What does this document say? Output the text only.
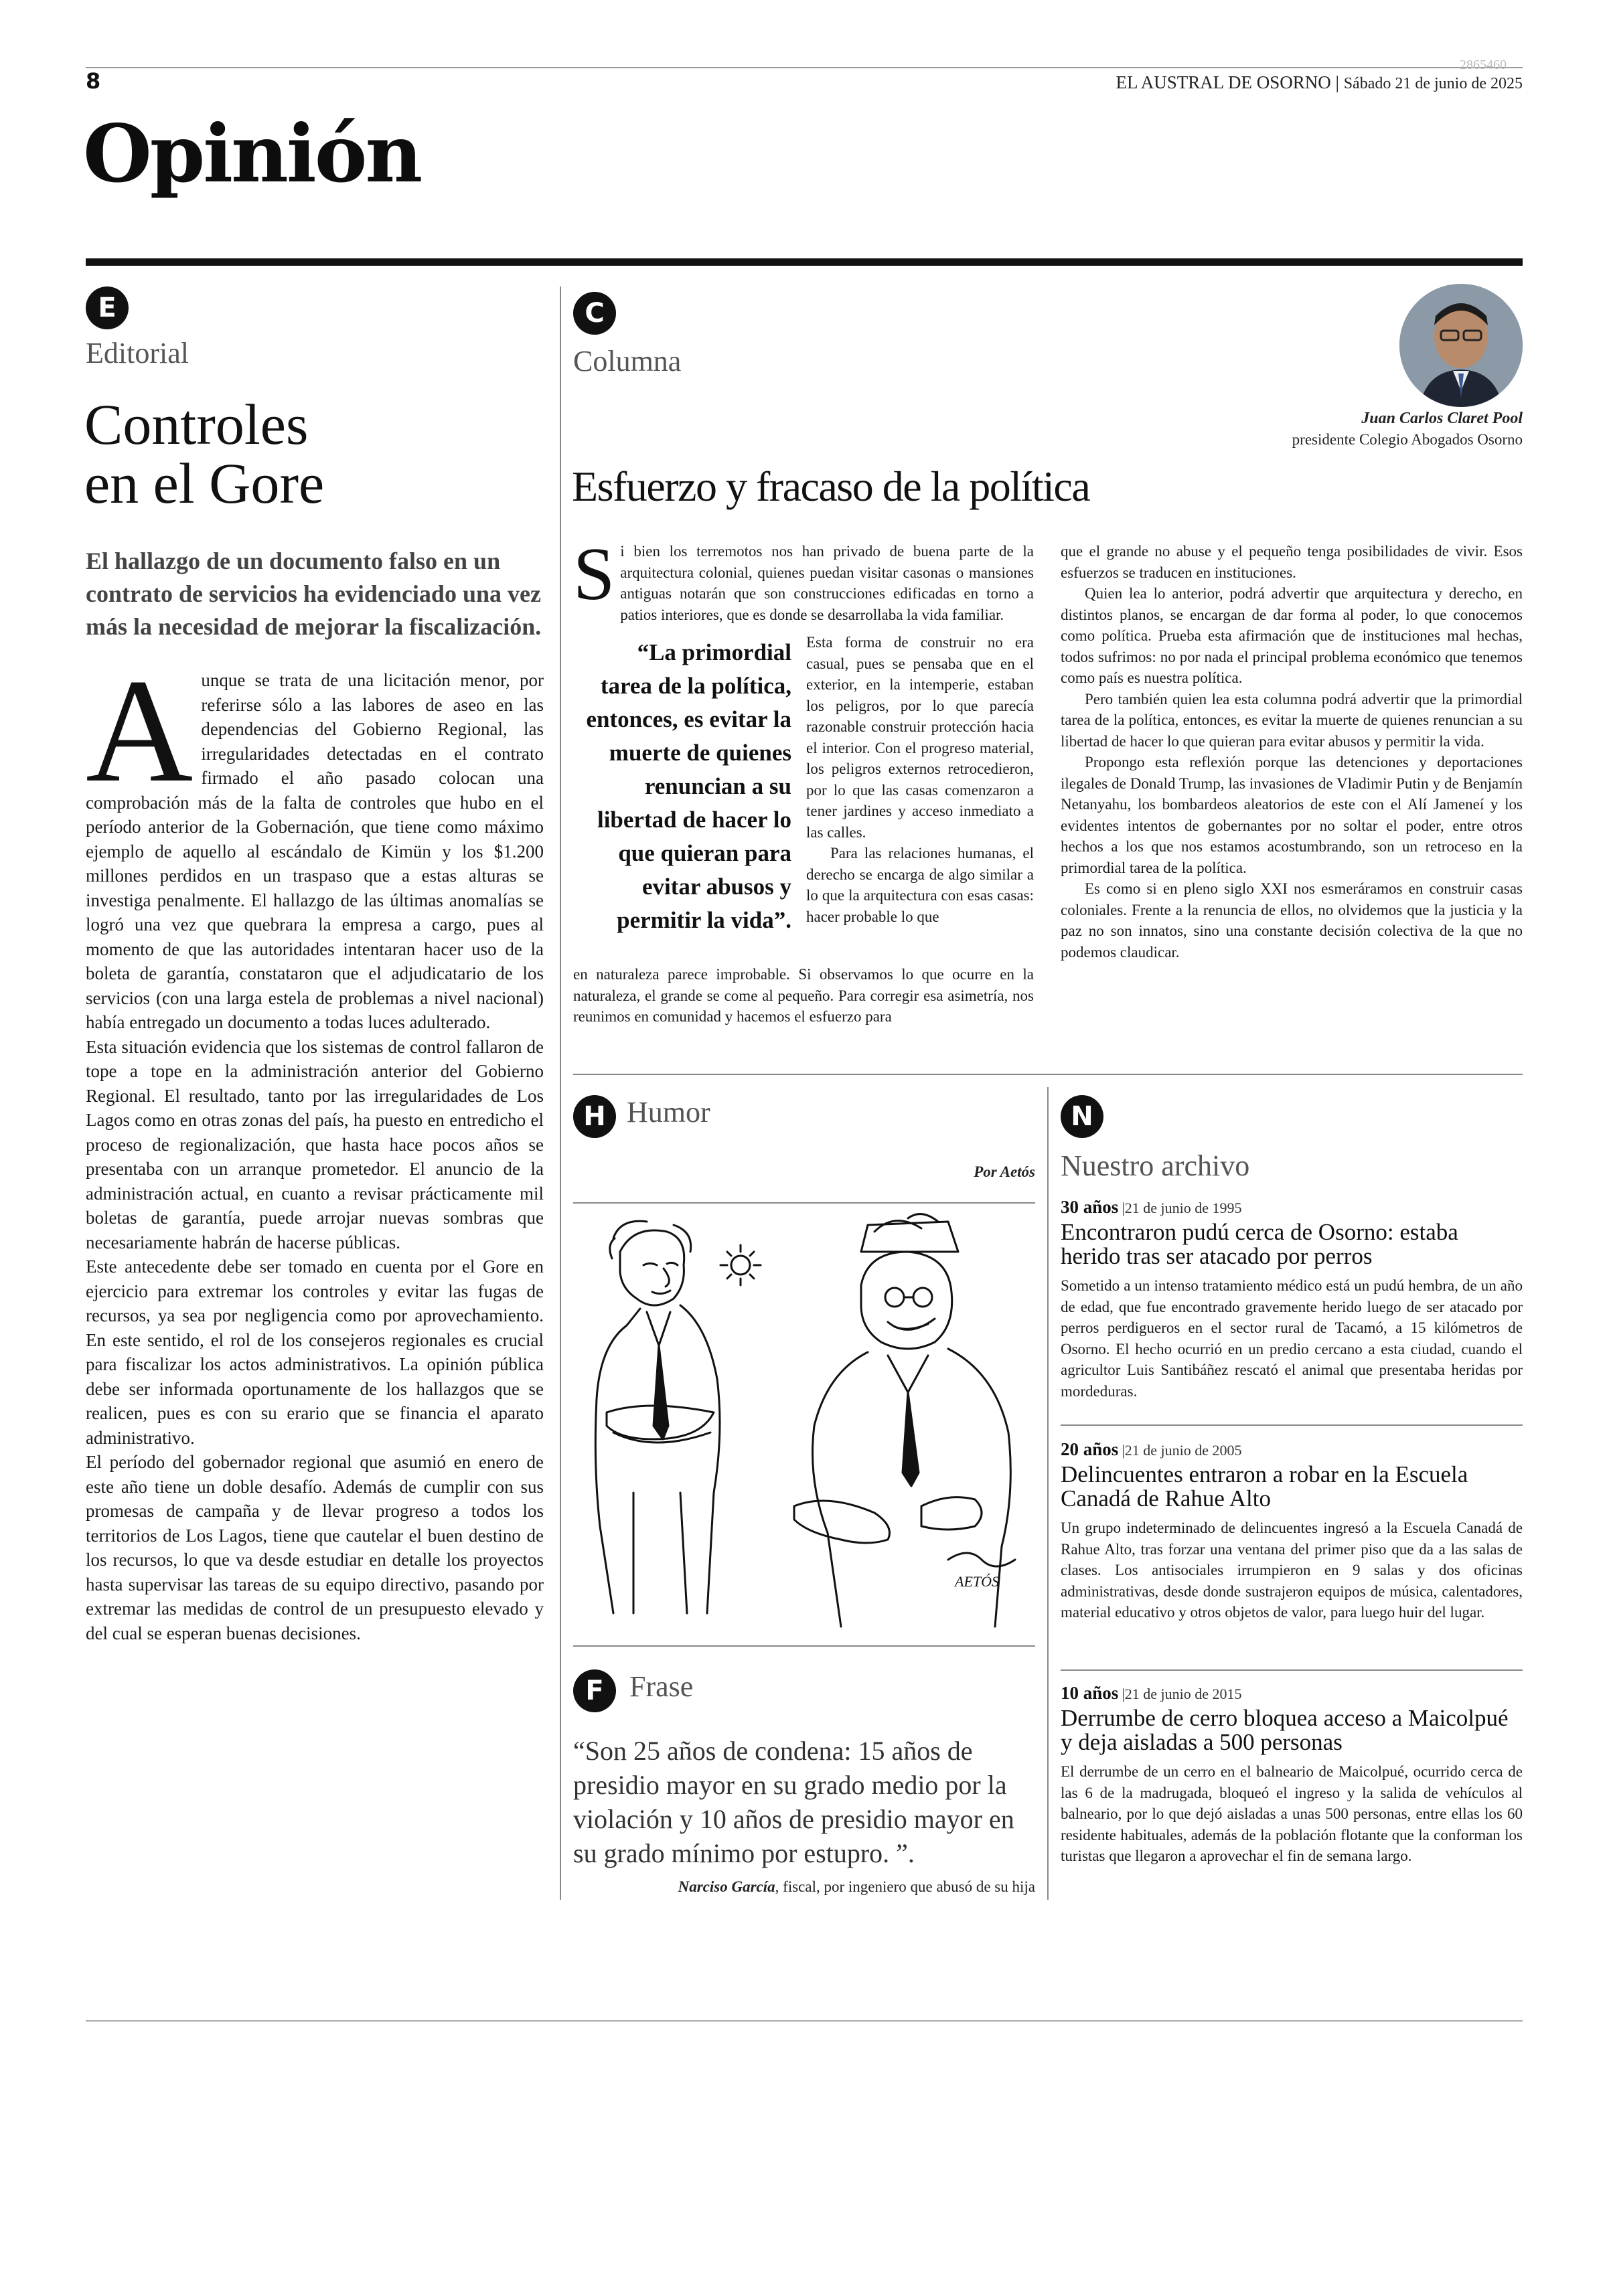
8
2865460
EL AUSTRAL DE OSORNO | Sábado 21 de junio de 2025
Opinión
E
Editorial
Controles
en el Gore
El hallazgo de un documento falso en un contrato de servicios ha evidenciado una vez más la necesidad de mejorar la fiscalización.
A unque se trata de una licitación menor, por referirse sólo a las labores de aseo en las dependencias del Gobierno Regional, las irregularidades detectadas en el contrato firmado el año pasado colocan una comprobación más de la falta de controles que hubo en el período anterior de la Gobernación, que tiene como máximo ejemplo de aquello al escándalo de Kimün y los $1.200 millones perdidos en un traspaso que a estas alturas se investiga penalmente. El hallazgo de las últimas anomalías se logró una vez que quebrara la empresa a cargo, pues al momento de que las autoridades intentaran hacer uso de la boleta de garantía, constataron que el adjudicatario de los servicios (con una larga estela de problemas a nivel nacional) había entregado un documento a todas luces adulterado.

Esta situación evidencia que los sistemas de control fallaron de tope a tope en la administración anterior del Gobierno Regional. El resultado, tanto por las irregularidades de Los Lagos como en otras zonas del país, ha puesto en entredicho el proceso de regionalización, que hasta hace pocos años se presentaba con un arranque prometedor. El anuncio de la administración actual, en cuanto a revisar prácticamente mil boletas de garantía, puede arrojar nuevas sombras que necesariamente habrán de hacerse públicas.

Este antecedente debe ser tomado en cuenta por el Gore en ejercicio para extremar los controles y evitar las fugas de recursos, ya sea por negligencia como por aprovechamiento. En este sentido, el rol de los consejeros regionales es crucial para fiscalizar los actos administrativos. La opinión pública debe ser informada oportunamente de los hallazgos que se realicen, pues es con su erario que se financia el aparato administrativo.

El período del gobernador regional que asumió en enero de este año tiene un doble desafío. Además de cumplir con sus promesas de campaña y de llevar progreso a todos los territorios de Los Lagos, tiene que cautelar el buen destino de los recursos, lo que va desde estudiar en detalle los proyectos hasta supervisar las tareas de su equipo directivo, pasando por extremar las medidas de control de un presupuesto elevado y del cual se esperan buenas decisiones.

C
Columna
Juan Carlos Claret Pool
presidente Colegio Abogados Osorno
Esfuerzo y fracaso de la política
S i bien los terremotos nos han privado de buena parte de la arquitectura colonial, quienes puedan visitar casonas o mansiones antiguas notarán que son construcciones edificadas en torno a patios interiores, que es donde se desarrollaba la vida familiar.

“La primordial tarea de la política, entonces, es evitar la muerte de quienes renuncian a su libertad de hacer lo que quieran para evitar abusos y permitir la vida”.

Esta forma de construir no era casual, pues se pensaba que en el exterior, en la intemperie, estaban los peligros, por lo que parecía razonable construir protección hacia el interior. Con el progreso material, los peligros externos retrocedieron, por lo que las casas comenzaron a tener jardines y acceso inmediato a las calles.

Para las relaciones humanas, el derecho se encarga de algo similar a lo que la arquitectura con esas casas: hacer probable lo que

en naturaleza parece improbable. Si observamos lo que ocurre en la naturaleza, el grande se come al pequeño. Para corregir esa asimetría, nos reunimos en comunidad y hacemos el esfuerzo para

que el grande no abuse y el pequeño tenga posibilidades de vivir. Esos esfuerzos se traducen en instituciones.

Quien lea lo anterior, podrá advertir que arquitectura y derecho, en distintos planos, se encargan de dar forma al poder, lo que conocemos como política. Prueba esta afirmación que de instituciones mal hechas, todos sufrimos: no por nada el principal problema económico que tenemos como país es nuestra política.

Pero también quien lea esta columna podrá advertir que la primordial tarea de la política, entonces, es evitar la muerte de quienes renuncian a su libertad de hacer lo que quieran para evitar abusos y permitir la vida.

Propongo esta reflexión porque las detenciones y deportaciones ilegales de Donald Trump, las invasiones de Vladimir Putin y de Benjamín Netanyahu, los bombardeos aleatorios de este con el Alí Jameneí y los evidentes intentos de gobernantes por no soltar el poder, entre otros hechos a los que nos estamos acostumbrando, son un retroceso en la primordial tarea de la política.

Es como si en pleno siglo XXI nos esmeráramos en construir casas coloniales. Frente a la renuncia de ellos, no olvidemos que la justicia y la paz no son innatos, sino una constante decisión colectiva de la que no podemos claudicar.

H Humor
Por Aetós
AETÓS
F Frase
“Son 25 años de condena: 15 años de presidio mayor en su grado medio por la violación y 10 años de presidio mayor en su grado mínimo por estupro. ”.
Narciso García, fiscal, por ingeniero que abusó de su hija
N
Nuestro archivo
30 años |21 de junio de 1995
Encontraron pudú cerca de Osorno: estaba herido tras ser atacado por perros
Sometido a un intenso tratamiento médico está un pudú hembra, de un año de edad, que fue encontrado gravemente herido luego de ser atacado por perros perdigueros en el sector rural de Tacamó, a 15 kilómetros de Osorno. El hecho ocurrió en un predio cercano a esta ciudad, cuando el agricultor Luis Santibáñez rescató el animal que presentaba heridas por mordeduras.
20 años |21 de junio de 2005
Delincuentes entraron a robar en la Escuela Canadá de Rahue Alto
Un grupo indeterminado de delincuentes ingresó a la Escuela Canadá de Rahue Alto, tras forzar una ventana del primer piso que da a las salas de clases. Los antisociales irrumpieron en 9 salas y dos oficinas administrativas, desde donde sustrajeron equipos de música, calentadores, material educativo y otros objetos de valor, para luego huir del lugar.
10 años |21 de junio de 2015
Derrumbe de cerro bloquea acceso a Maicolpué y deja aisladas a 500 personas
El derrumbe de un cerro en el balneario de Maicolpué, ocurrido cerca de las 6 de la madrugada, bloqueó el ingreso y la salida de vehículos al balneario, por lo que dejó aisladas a unas 500 personas, entre ellas los 60 residente habituales, además de la población flotante que la conforman los turistas que llegaron a aprovechar el fin de semana largo.
